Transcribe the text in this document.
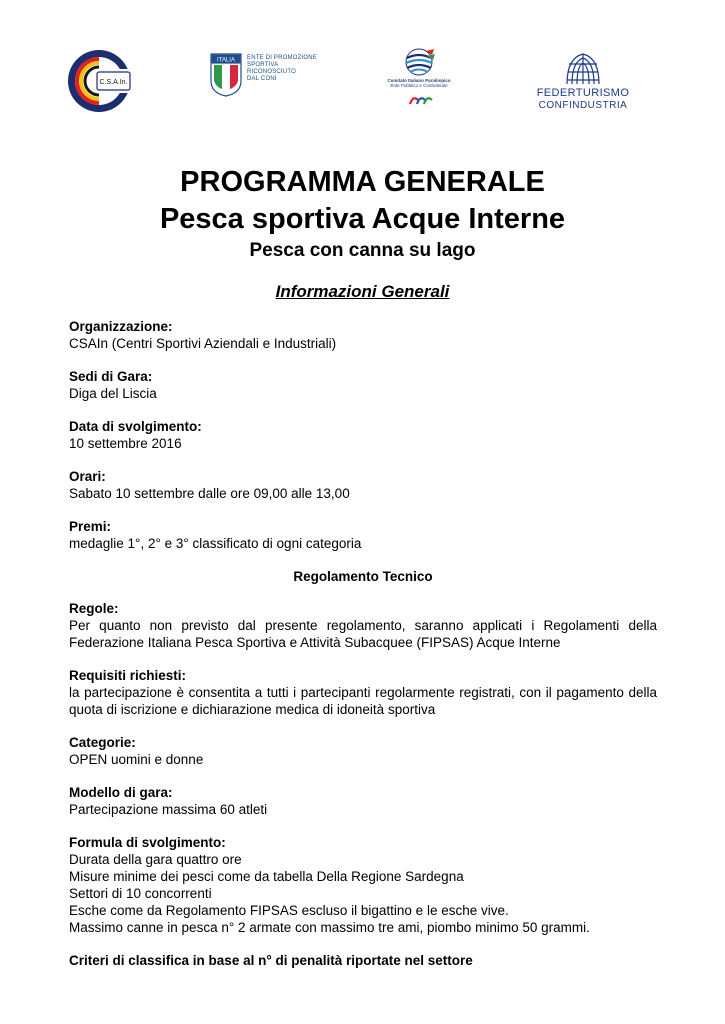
C.S.A.In.
ITALIA ENTE DI PROMOZIONE
SPORTIVA
RICONOSCIUTO
DAL CONI	Comitato Italiano Paralimpico
Ente Pubblico e Confederale
FEDERTURISMO
CONFINDUSTRIA
PROGRAMMA GENERALE
Pesca sportiva Acque Interne
Pesca con canna su lago
Informazioni Generali
Organizzazione:
CSAIn (Centri Sportivi Aziendali e Industriali)
Sedi di Gara:
Diga del Liscia
Data di svolgimento:
10 settembre 2016
Orari:
Sabato 10 settembre dalle ore 09,00 alle 13,00
Premi:
medaglie 1°, 2° e 3° classificato di ogni categoria
Regolamento Tecnico
Regole:
Per quanto non previsto dal presente regolamento, saranno applicati i Regolamenti della Federazione Italiana Pesca Sportiva e Attività Subacquee (FIPSAS) Acque Interne
Requisiti richiesti:
la partecipazione è consentita a tutti i partecipanti regolarmente registrati, con il pagamento della quota di iscrizione e dichiarazione medica di idoneità sportiva
Categorie:
OPEN uomini e donne
Modello di gara:
Partecipazione massima 60 atleti
Formula di svolgimento:
Durata della gara quattro ore
Misure minime dei pesci come da tabella Della Regione Sardegna
Settori di 10 concorrenti
Esche come da Regolamento FIPSAS escluso il bigattino e le esche vive.
Massimo canne in pesca n° 2 armate con massimo tre ami, piombo minimo 50 grammi.
Criteri di classifica in base al n° di penalità riportate nel settore
